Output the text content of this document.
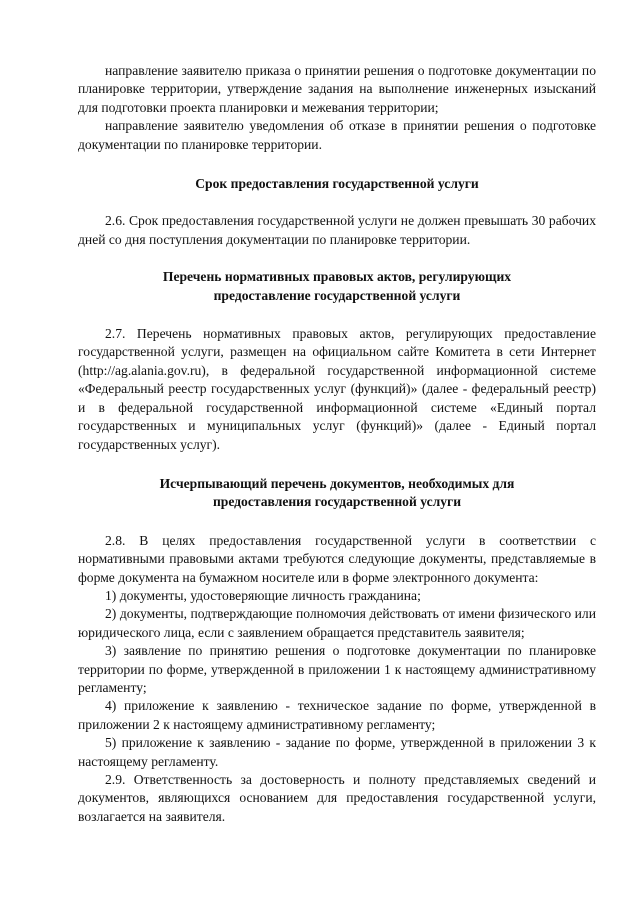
направление заявителю приказа о принятии решения о подготовке документации по планировке территории, утверждение задания на выполнение инженерных изысканий для подготовки проекта планировки и межевания территории;

направление заявителю уведомления об отказе в принятии решения о подготовке документации по планировке территории.

Срок предоставления государственной услуги

2.6. Срок предоставления государственной услуги не должен превышать 30 рабочих дней со дня поступления документации по планировке территории.

Перечень нормативных правовых актов, регулирующих
предоставление государственной услуги

2.7. Перечень нормативных правовых актов, регулирующих предоставление государственной услуги, размещен на официальном сайте Комитета в сети Интернет (http://ag.alania.gov.ru), в федеральной государственной информационной системе «Федеральный реестр государственных услуг (функций)» (далее - федеральный реестр) и в федеральной государственной информационной системе «Единый портал государственных и муниципальных услуг (функций)» (далее - Единый портал государственных услуг).

Исчерпывающий перечень документов, необходимых для
предоставления государственной услуги

2.8. В целях предоставления государственной услуги в соответствии с нормативными правовыми актами требуются следующие документы, представляемые в форме документа на бумажном носителе или в форме электронного документа:

1) документы, удостоверяющие личность гражданина;

2) документы, подтверждающие полномочия действовать от имени физического или юридического лица, если с заявлением обращается представитель заявителя;

3) заявление по принятию решения о подготовке документации по планировке территории по форме, утвержденной в приложении 1 к настоящему административному регламенту;

4) приложение к заявлению - техническое задание по форме, утвержденной в приложении 2 к настоящему административному регламенту;

5) приложение к заявлению - задание по форме, утвержденной в приложении 3 к настоящему регламенту.

2.9. Ответственность за достоверность и полноту представляемых сведений и документов, являющихся основанием для предоставления государственной услуги, возлагается на заявителя.
